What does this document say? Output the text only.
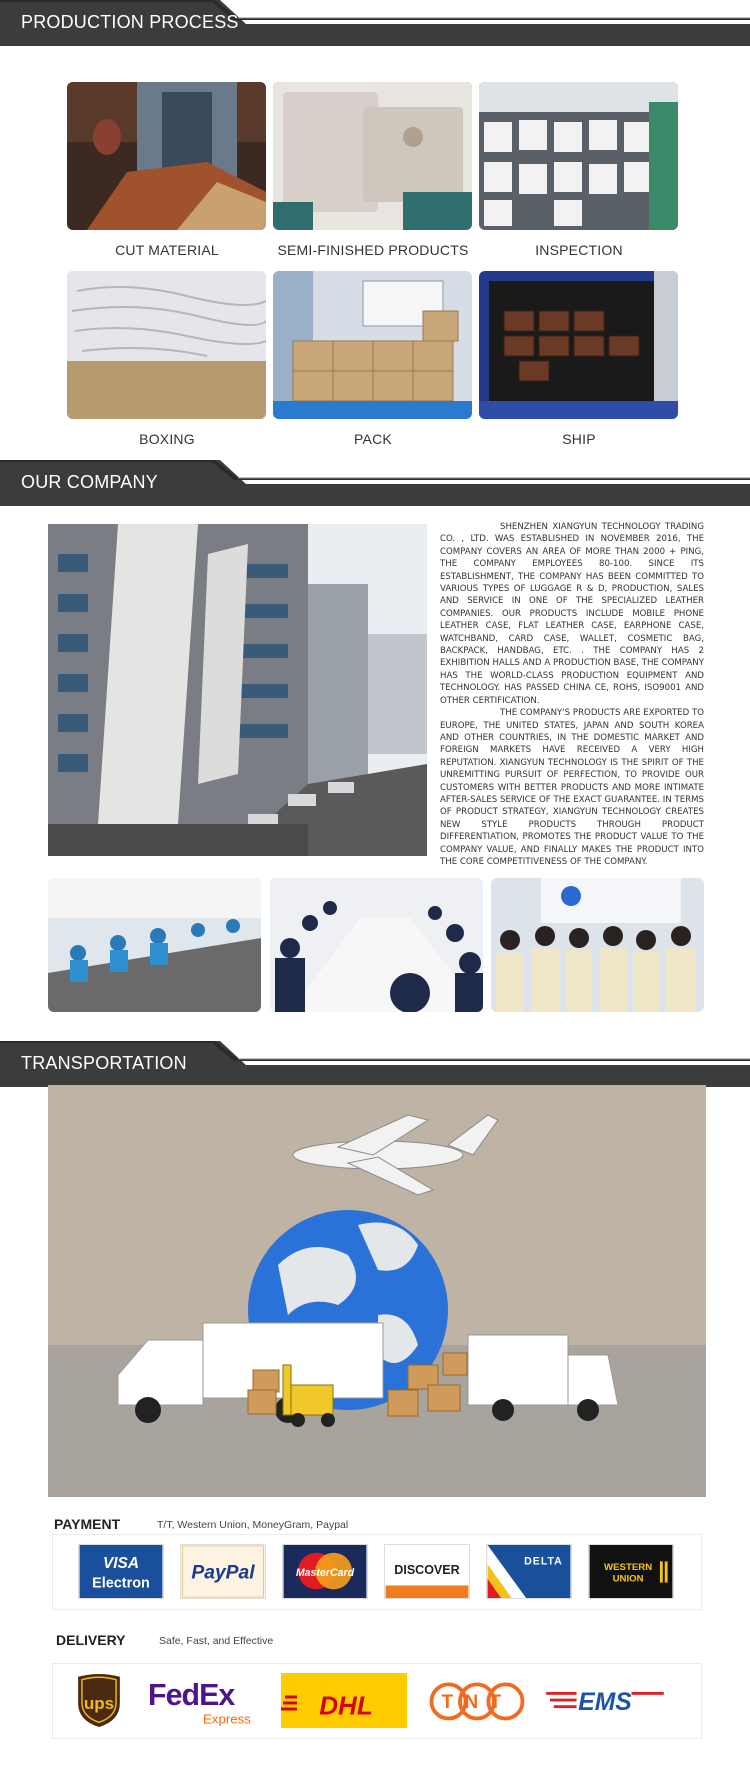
PRODUCTION PROCESS
CUT MATERIAL	SEMI-FINISHED PRODUCTS	INSPECTION
BOXING	PACK	SHIP
OUR COMPANY

SHENZHEN XIANGYUN TECHNOLOGY TRADING CO. , LTD. WAS ESTABLISHED IN NOVEMBER 2016, THE COMPANY COVERS AN AREA OF MORE THAN 2000 + PING, THE COMPANY EMPLOYEES 80-100. SINCE ITS ESTABLISHMENT, THE COMPANY HAS BEEN COMMITTED TO VARIOUS TYPES OF LUGGAGE R & D, PRODUCTION, SALES AND SERVICE IN ONE OF THE SPECIALIZED LEATHER COMPANIES. OUR PRODUCTS INCLUDE MOBILE PHONE LEATHER CASE, FLAT LEATHER CASE, EARPHONE CASE, WATCHBAND, CARD CASE, WALLET, COSMETIC BAG, BACKPACK, HANDBAG, ETC. . THE COMPANY HAS 2 EXHIBITION HALLS AND A PRODUCTION BASE, THE COMPANY HAS THE WORLD-CLASS PRODUCTION EQUIPMENT AND TECHNOLOGY. HAS PASSED CHINA CE, ROHS, ISO9001 AND OTHER CERTIFICATION.

THE COMPANY'S PRODUCTS ARE EXPORTED TO EUROPE, THE UNITED STATES, JAPAN AND SOUTH KOREA AND OTHER COUNTRIES, IN THE DOMESTIC MARKET AND FOREIGN MARKETS HAVE RECEIVED A VERY HIGH REPUTATION. XIANGYUN TECHNOLOGY IS THE SPIRIT OF THE UNREMITTING PURSUIT OF PERFECTION, TO PROVIDE OUR CUSTOMERS WITH BETTER PRODUCTS AND MORE INTIMATE AFTER-SALES SERVICE OF THE EXACT GUARANTEE. IN TERMS OF PRODUCT STRATEGY, XIANGYUN TECHNOLOGY CREATES NEW STYLE PRODUCTS THROUGH PRODUCT DIFFERENTIATION, PROMOTES THE PRODUCT VALUE TO THE COMPANY VALUE, AND FINALLY MAKES THE PRODUCT INTO THE CORE COMPETITIVENESS OF THE COMPANY.

TRANSPORTATION
PAYMENT	T/T, Western Union, MoneyGram, Paypal
VISA
Electron PayPal	MasterCard	DISCOVER
DELTA
WESTERN
UNION
DELIVERY	Safe, Fast, and Effective
ups FedEx
Express	DHL	TNT	EMS
